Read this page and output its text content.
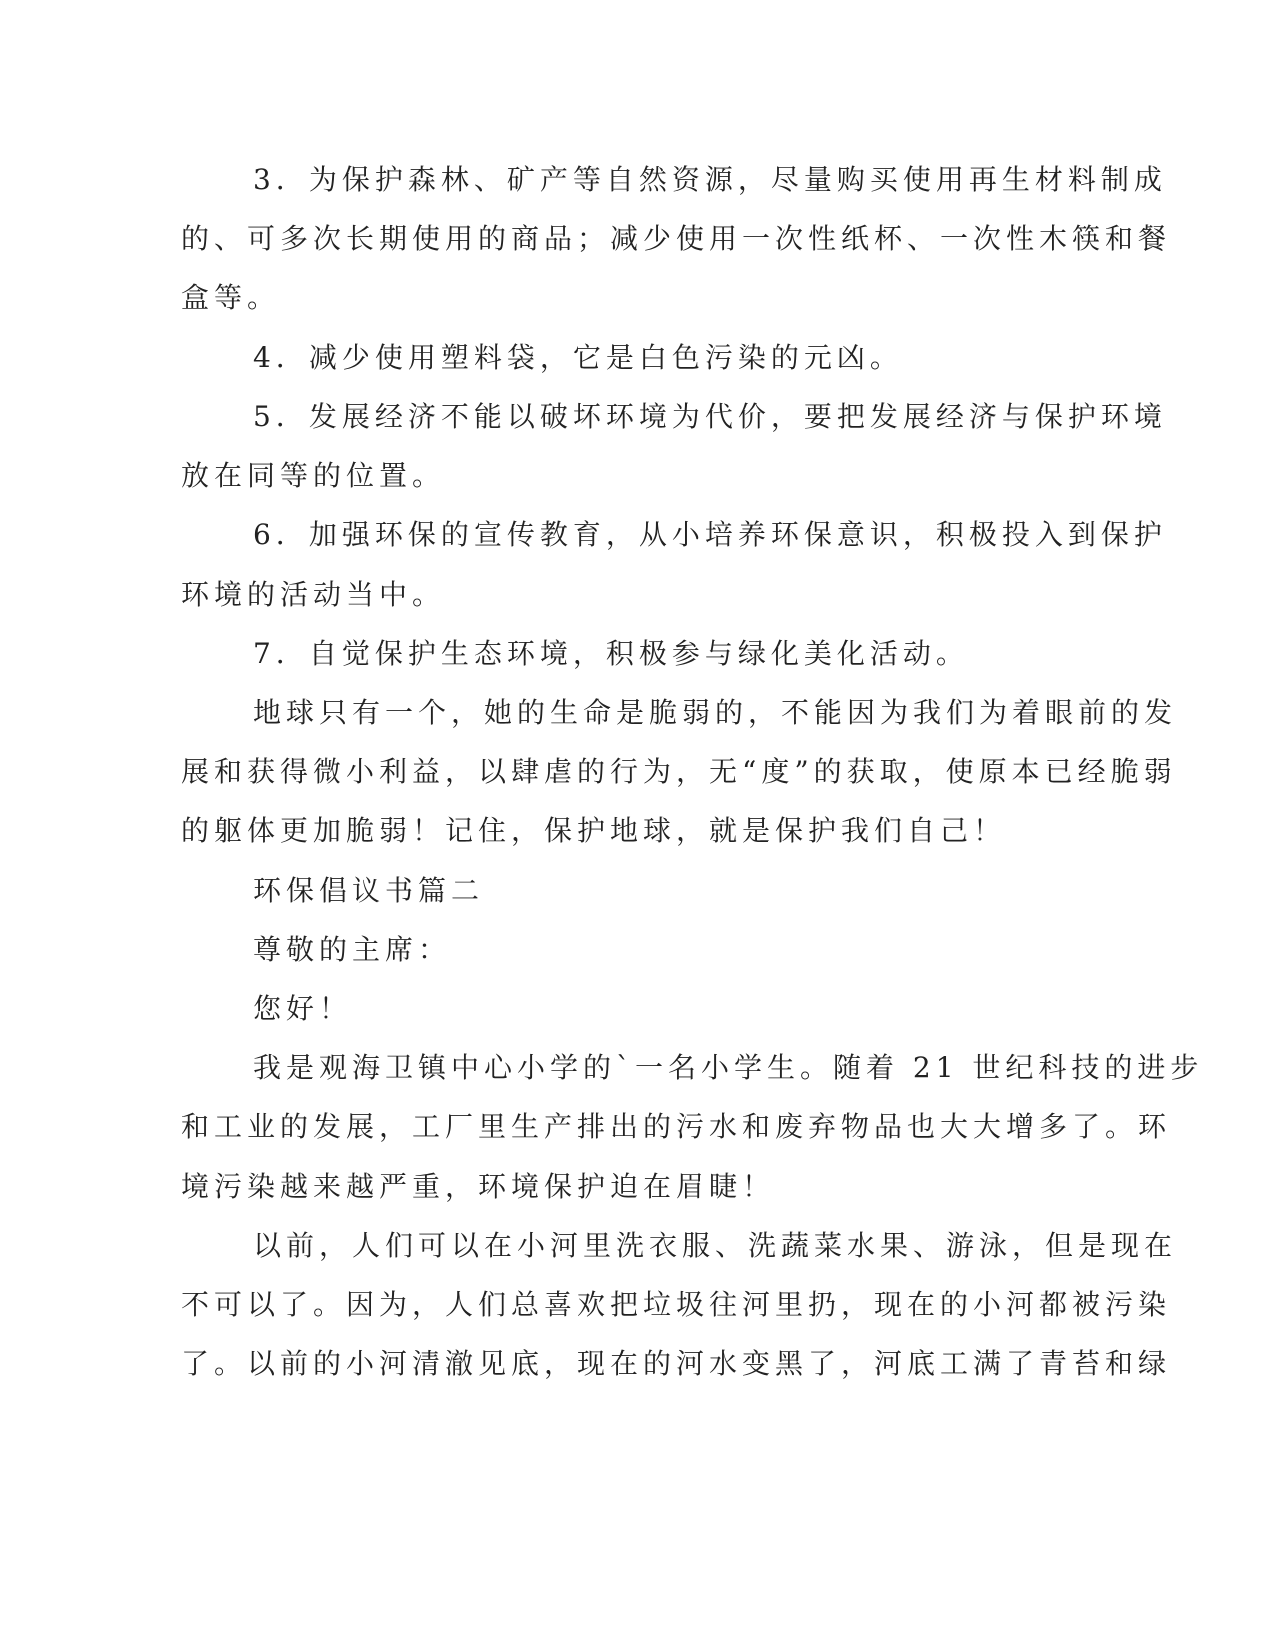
3．为保护森林、矿产等自然资源，尽量购买使用再生材料制成

的、可多次长期使用的商品；减少使用一次性纸杯、一次性木筷和餐

盒等。

4．减少使用塑料袋，它是白色污染的元凶。

5．发展经济不能以破坏环境为代价，要把发展经济与保护环境

放在同等的位置。

6．加强环保的宣传教育，从小培养环保意识，积极投入到保护

环境的活动当中。

7．自觉保护生态环境，积极参与绿化美化活动。

地球只有一个，她的生命是脆弱的，不能因为我们为着眼前的发

展和获得微小利益，以肆虐的行为，无“度”的获取，使原本已经脆弱

的躯体更加脆弱！记住，保护地球，就是保护我们自己！

环保倡议书篇二

尊敬的主席：

您好！

我是观海卫镇中心小学的`一名小学生。随着 21 世纪科技的进步

和工业的发展，工厂里生产排出的污水和废弃物品也大大增多了。环

境污染越来越严重，环境保护迫在眉睫！

以前，人们可以在小河里洗衣服、洗蔬菜水果、游泳，但是现在

不可以了。因为，人们总喜欢把垃圾往河里扔，现在的小河都被污染

了。以前的小河清澈见底，现在的河水变黑了，河底工满了青苔和绿
